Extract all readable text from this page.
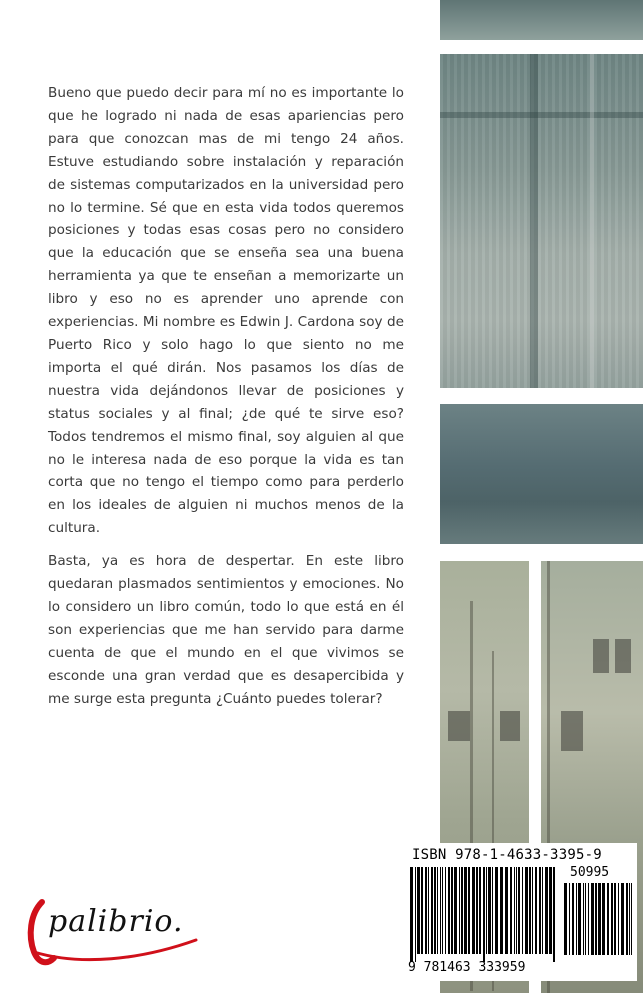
Bueno que puedo decir para mí no es importante lo que he logrado ni nada de esas apariencias pero para que conozcan mas de mi tengo 24 años. Estuve estudiando sobre instalación y reparación de sistemas computarizados en la universidad pero no lo termine. Sé que en esta vida todos queremos posiciones y todas esas cosas pero no considero que la educación que se enseña sea una buena herramienta ya que te enseñan a memorizarte un libro y eso no es aprender uno aprende con experiencias. Mi nombre es Edwin J. Cardona soy de Puerto Rico y solo hago lo que siento no me importa el qué dirán. Nos pasamos los días de nuestra vida dejándonos llevar de posiciones y status sociales y al final; ¿de qué te sirve eso? Todos tendremos el mismo final, soy alguien al que no le interesa nada de eso porque la vida es tan corta que no tengo el tiempo como para perderlo en los ideales de alguien ni muchos menos de la cultura.

Basta, ya es hora de despertar. En este libro quedaran plasmados sentimientos y emociones. No lo considero un libro común, todo lo que está en él son experiencias que me han servido para darme cuenta de que el mundo en el que vivimos se esconde una gran verdad que es desapercibida y me surge esta pregunta ¿Cuánto puedes tolerar?

ISBN 978-1-4633-3395-9
50995
9 781463 333959
palibrio.
